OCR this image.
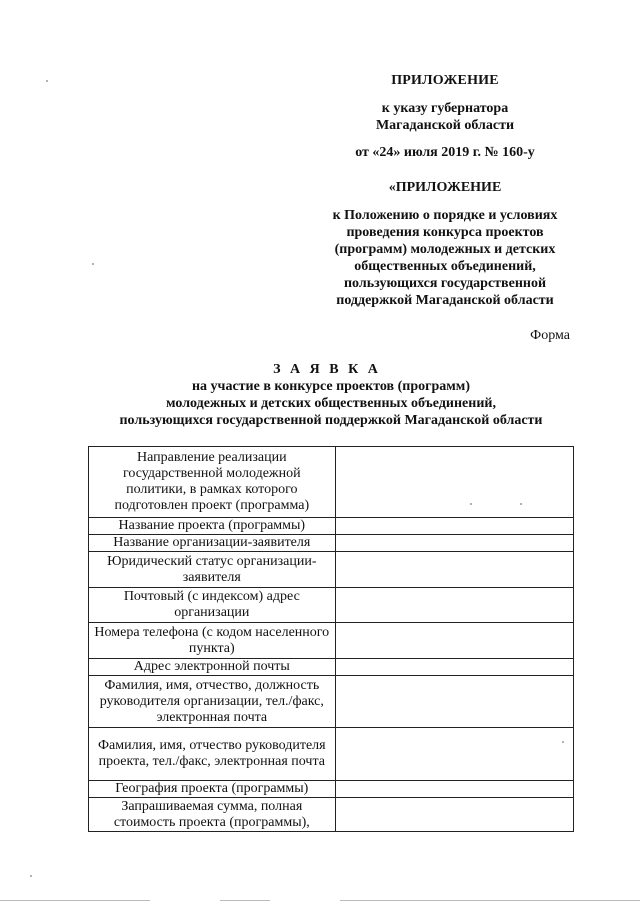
ПРИЛОЖЕНИЕ
к указу губернатора
Магаданской области
от «24» июля 2019 г. № 160-у
«ПРИЛОЖЕНИЕ
к Положению о порядке и условиях
проведения конкурса проектов
(программ) молодежных и детских
общественных объединений,
пользующихся государственной
поддержкой Магаданской области
Форма
З А Я В К А
на участие в конкурсе проектов (программ)
молодежных и детских общественных объединений,
пользующихся государственной поддержкой Магаданской области
Направление реализации государственной молодежной политики, в рамках которого подготовлен проект (программа)	
Название проекта (программы)	
Название организации-заявителя	
Юридический статус организации-заявителя	
Почтовый (с индексом) адрес организации	
Номера телефона (с кодом населенного пункта)	
Адрес электронной почты	
Фамилия, имя, отчество, должность руководителя организации, тел./факс, электронная почта	
Фамилия, имя, отчество руководителя проекта, тел./факс, электронная почта	
География проекта (программы)	
Запрашиваемая сумма, полная стоимость проекта (программы),	
